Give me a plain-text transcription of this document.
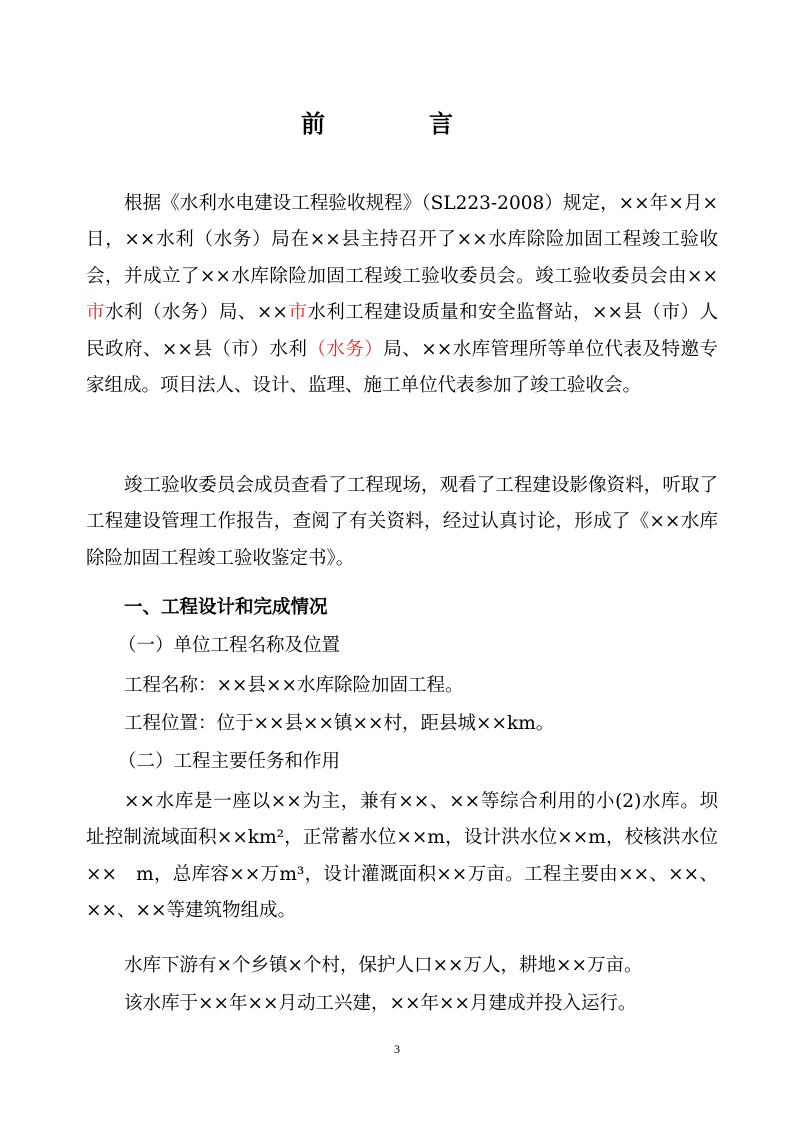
前　言

根据《水利水电建设工程验收规程》（SL223-2008）规定，××年×月×日，××水利（水务）局在××县主持召开了××水库除险加固工程竣工验收会，并成立了××水库除险加固工程竣工验收委员会。竣工验收委员会由××市水利（水务）局、××市水利工程建设质量和安全监督站，××县（市）人民政府、××县（市）水利（水务）局、××水库管理所等单位代表及特邀专家组成。项目法人、设计、监理、施工单位代表参加了竣工验收会。

竣工验收委员会成员查看了工程现场，观看了工程建设影像资料，听取了工程建设管理工作报告，查阅了有关资料，经过认真讨论，形成了《××水库除险加固工程竣工验收鉴定书》。

一、工程设计和完成情况

（一）单位工程名称及位置

工程名称：××县××水库除险加固工程。

工程位置：位于××县××镇××村，距县城××km。

（二）工程主要任务和作用

××水库是一座以××为主，兼有××、××等综合利用的小(2)水库。坝址控制流域面积××km²，正常蓄水位××m，设计洪水位××m，校核洪水位××　m，总库容××万m³，设计灌溉面积××万亩。工程主要由××、××、××、××等建筑物组成。

水库下游有×个乡镇×个村，保护人口××万人，耕地××万亩。

该水库于××年××月动工兴建，××年××月建成并投入运行。

3
